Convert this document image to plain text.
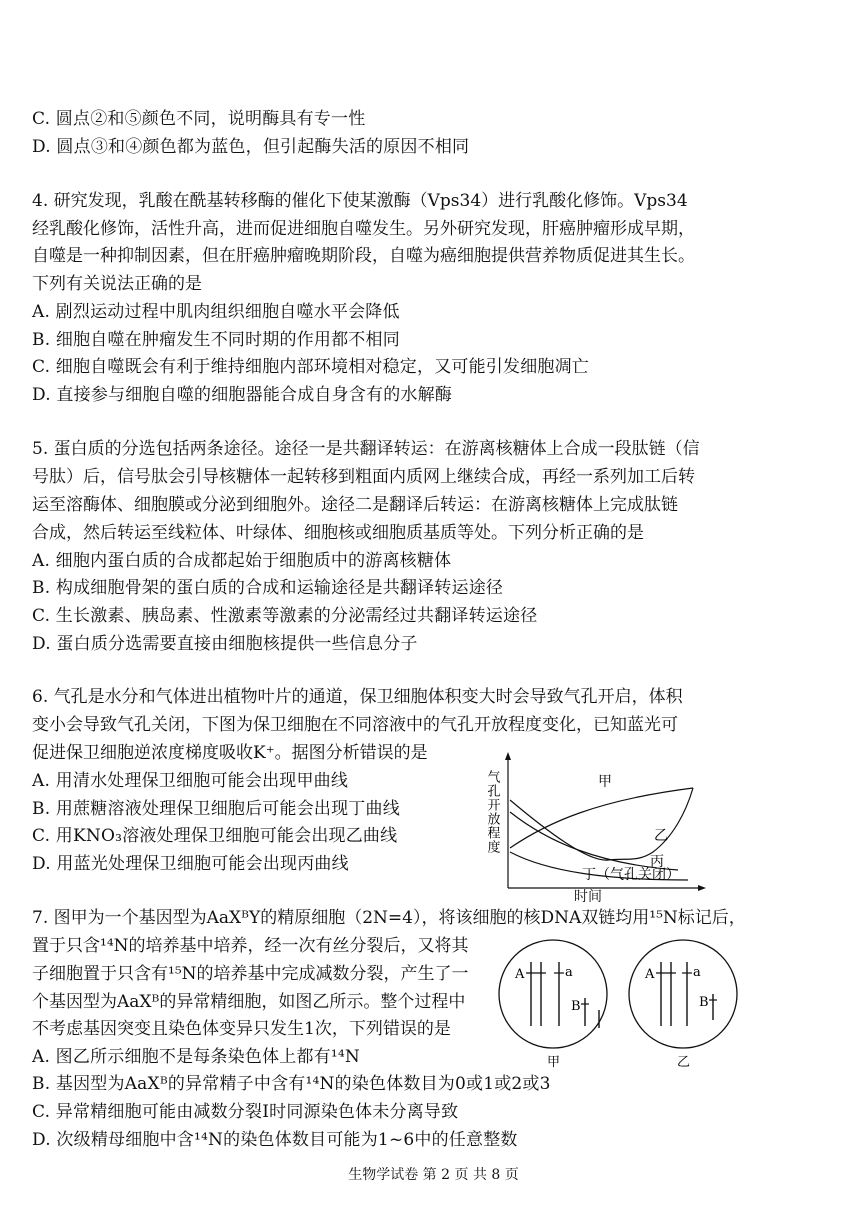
C. 圆点②和⑤颜色不同，说明酶具有专一性

D. 圆点③和④颜色都为蓝色，但引起酶失活的原因不相同

4. 研究发现，乳酸在酰基转移酶的催化下使某激酶（Vps34）进行乳酸化修饰。Vps34

经乳酸化修饰，活性升高，进而促进细胞自噬发生。另外研究发现，肝癌肿瘤形成早期，

自噬是一种抑制因素，但在肝癌肿瘤晚期阶段，自噬为癌细胞提供营养物质促进其生长。

下列有关说法正确的是

A. 剧烈运动过程中肌肉组织细胞自噬水平会降低

B. 细胞自噬在肿瘤发生不同时期的作用都不相同

C. 细胞自噬既会有利于维持细胞内部环境相对稳定，又可能引发细胞凋亡

D. 直接参与细胞自噬的细胞器能合成自身含有的水解酶

5. 蛋白质的分选包括两条途径。途径一是共翻译转运：在游离核糖体上合成一段肽链（信

号肽）后，信号肽会引导核糖体一起转移到粗面内质网上继续合成，再经一系列加工后转

运至溶酶体、细胞膜或分泌到细胞外。途径二是翻译后转运：在游离核糖体上完成肽链

合成，然后转运至线粒体、叶绿体、细胞核或细胞质基质等处。下列分析正确的是

A. 细胞内蛋白质的合成都起始于细胞质中的游离核糖体

B. 构成细胞骨架的蛋白质的合成和运输途径是共翻译转运途径

C. 生长激素、胰岛素、性激素等激素的分泌需经过共翻译转运途径

D. 蛋白质分选需要直接由细胞核提供一些信息分子

6. 气孔是水分和气体进出植物叶片的通道，保卫细胞体积变大时会导致气孔开启，体积

变小会导致气孔关闭，下图为保卫细胞在不同溶液中的气孔开放程度变化，已知蓝光可

促进保卫细胞逆浓度梯度吸收K⁺。据图分析错误的是

A. 用清水处理保卫细胞可能会出现甲曲线

B. 用蔗糖溶液处理保卫细胞后可能会出现丁曲线

C. 用KNO₃溶液处理保卫细胞可能会出现乙曲线

D. 用蓝光处理保卫细胞可能会出现丙曲线

气孔开放程度	甲
乙
丙
丁（气孔关闭）

时间

7. 图甲为一个基因型为AaXᴮY的精原细胞（2N=4），将该细胞的核DNA双链均用¹⁵N标记后，

置于只含¹⁴N的培养基中培养，经一次有丝分裂后，又将其

子细胞置于只含有¹⁵N的培养基中完成减数分裂，产生了一

个基因型为AaXᴮ的异常精细胞，如图乙所示。整个过程中

不考虑基因突变且染色体变异只发生1次，下列错误的是

A. 图乙所示细胞不是每条染色体上都有¹⁴N

B. 基因型为AaXᴮ的异常精子中含有¹⁴N的染色体数目为0或1或2或3

C. 异常精细胞可能由减数分裂Ⅰ时同源染色体未分离导致

D. 次级精母细胞中含¹⁴N的染色体数目可能为1~6中的任意整数

A	a
B
甲
A	a
B
乙
生物学试卷 第 2 页 共 8 页
